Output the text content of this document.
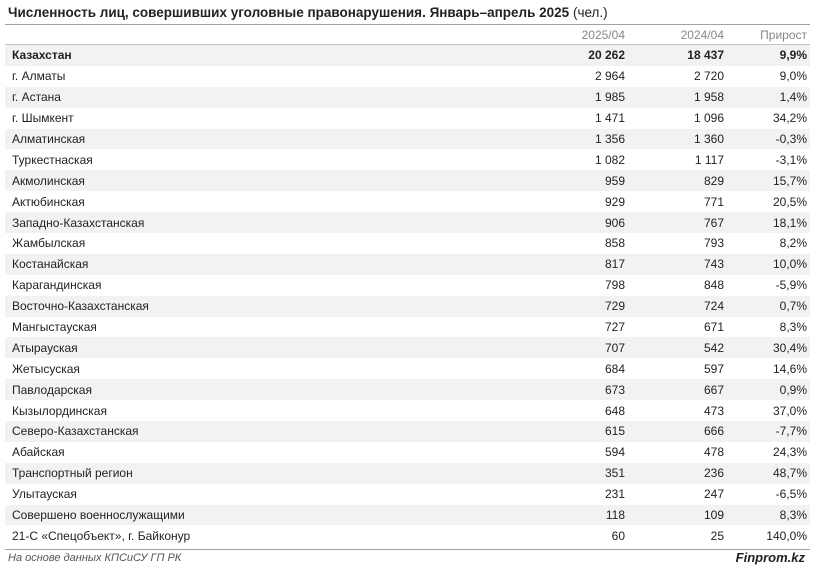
Численность лиц, совершивших уголовные правонарушения. Январь–апрель 2025 (чел.)
	2025/04	2024/04	Прирост
Казахстан	20 262	18 437	9,9%
г. Алматы	2 964	2 720	9,0%
г. Астана	1 985	1 958	1,4%
г. Шымкент	1 471	1 096	34,2%
Алматинская	1 356	1 360	-0,3%
Туркестнаская	1 082	1 117	-3,1%
Акмолинская	959	829	15,7%
Актюбинская	929	771	20,5%
Западно-Казахстанская	906	767	18,1%
Жамбылская	858	793	8,2%
Костанайская	817	743	10,0%
Карагандинская	798	848	-5,9%
Восточно-Казахстанская	729	724	0,7%
Мангыстауская	727	671	8,3%
Атырауская	707	542	30,4%
Жетысуская	684	597	14,6%
Павлодарская	673	667	0,9%
Кызылординская	648	473	37,0%
Северо-Казахстанская	615	666	-7,7%
Абайская	594	478	24,3%
Транспортный регион	351	236	48,7%
Улытауская	231	247	-6,5%
Совершено военнослужащими	118	109	8,3%
21-С «Спецобъект», г. Байконур	60	25	140,0%
На основе данных КПСиСУ ГП РК	Finprom.kz
